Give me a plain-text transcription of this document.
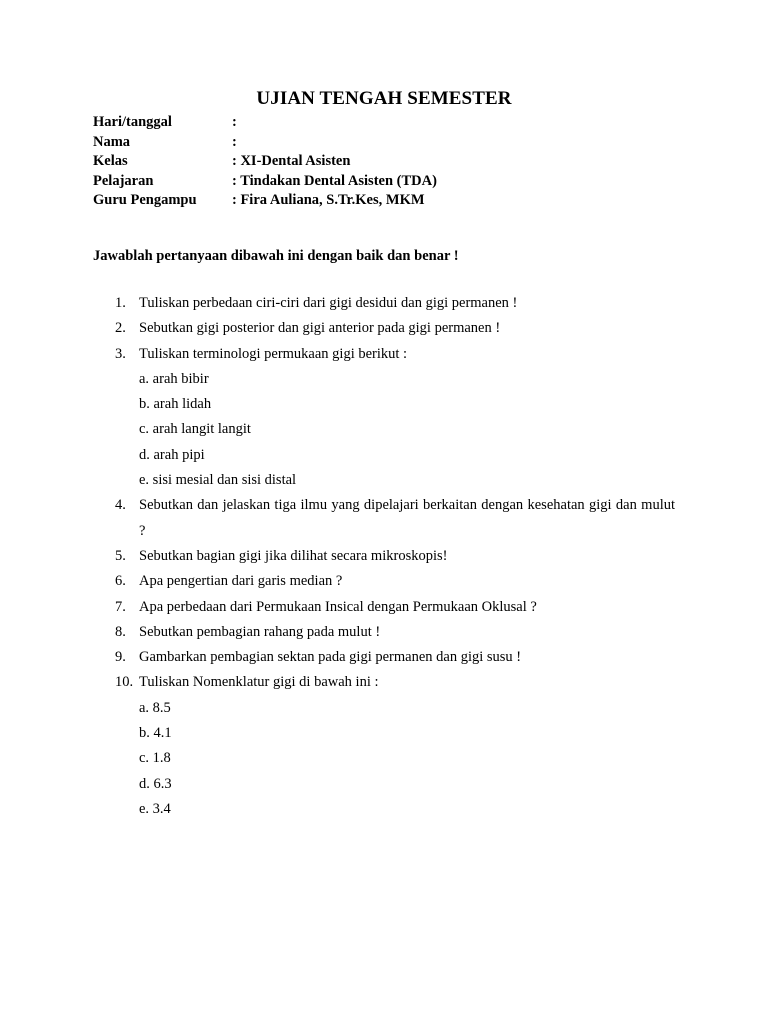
UJIAN TENGAH SEMESTER
Hari/tanggal	:
Nama	:
Kelas	: XI-Dental Asisten
Pelajaran	: Tindakan Dental Asisten (TDA)
Guru Pengampu	: Fira Auliana, S.Tr.Kes, MKM

Jawablah pertanyaan dibawah ini dengan baik dan benar !

1. Tuliskan perbedaan ciri-ciri dari gigi desidui dan gigi permanen !
2. Sebutkan gigi posterior dan gigi anterior pada gigi permanen !
3. Tuliskan terminologi permukaan gigi berikut :
a. arah bibir
b. arah lidah
c. arah langit langit
d. arah pipi
e. sisi mesial dan sisi distal
4. Sebutkan dan jelaskan tiga ilmu yang dipelajari berkaitan dengan kesehatan gigi dan mulut ?
5. Sebutkan bagian gigi jika dilihat secara mikroskopis!
6. Apa pengertian dari garis median ?
7. Apa perbedaan dari Permukaan Insical dengan Permukaan Oklusal ?
8. Sebutkan pembagian rahang pada mulut !
9. Gambarkan pembagian sektan pada gigi permanen dan gigi susu !
10. Tuliskan Nomenklatur gigi di bawah ini :
a. 8.5
b. 4.1
c. 1.8
d. 6.3
e. 3.4
